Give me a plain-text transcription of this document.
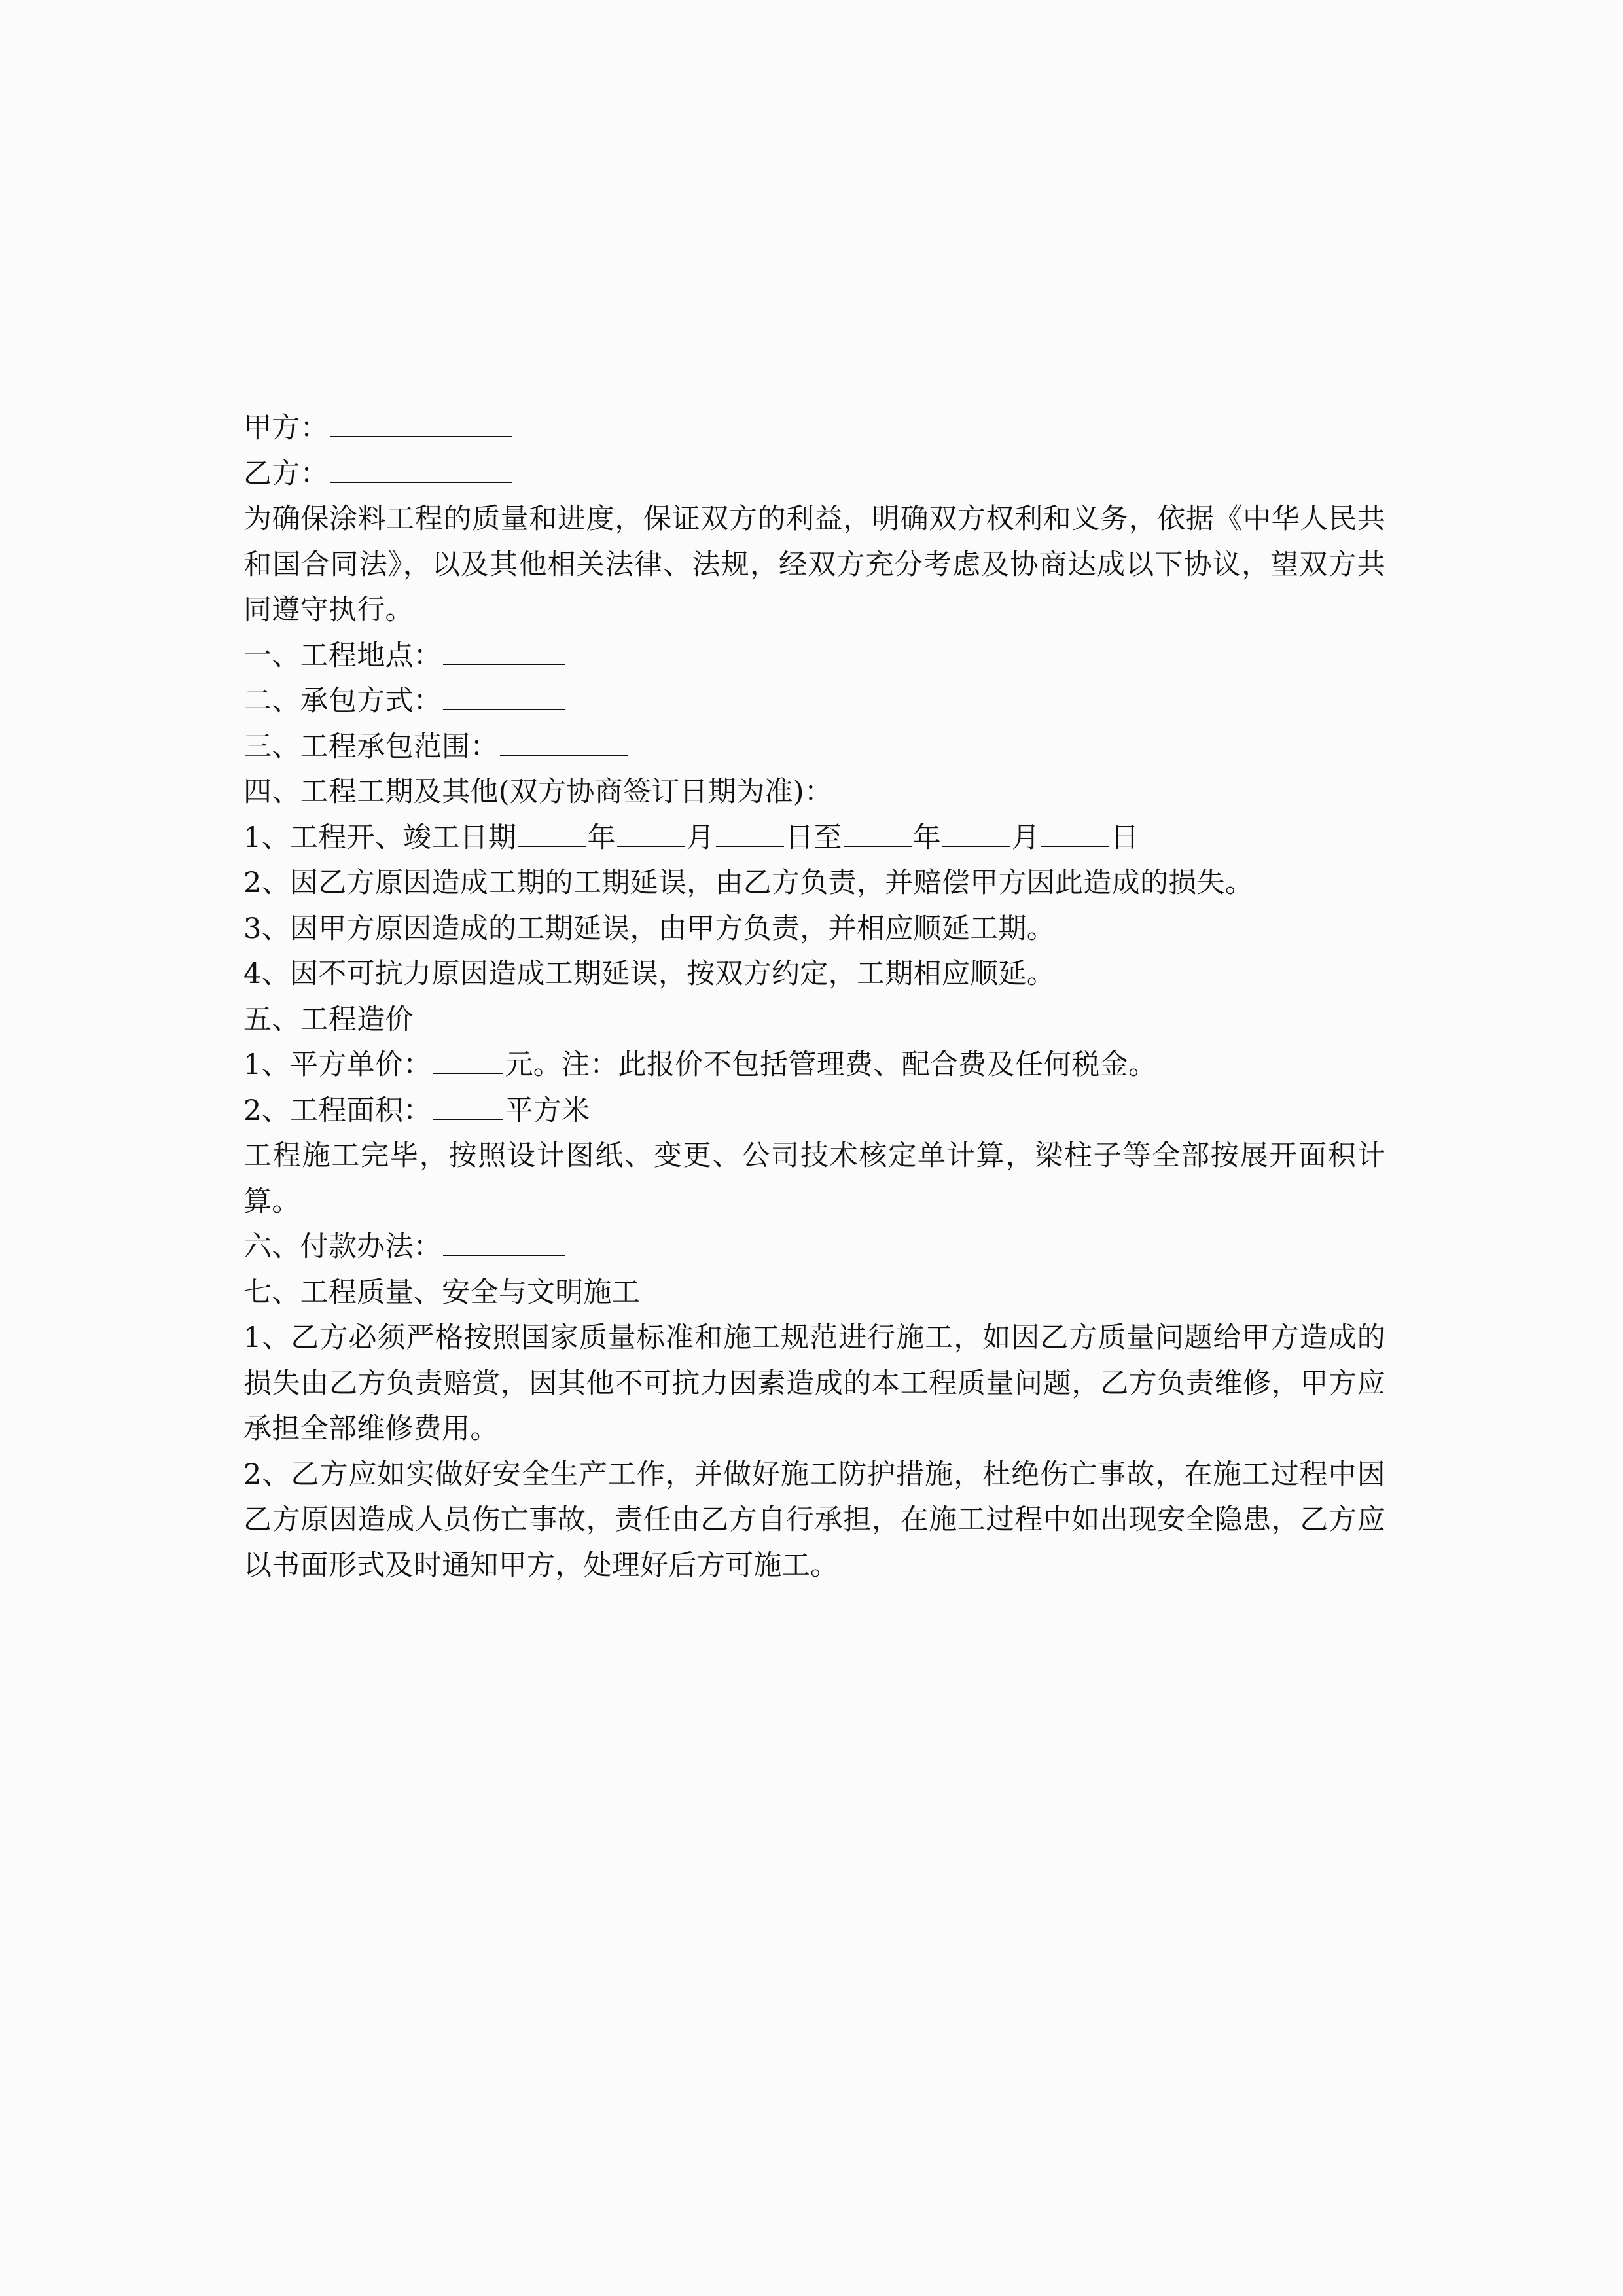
甲方：
乙方：
为确保涂料工程的质量和进度，保证双方的利益，明确双方权利和义务，依据《中华人民共和国合同法》，以及其他相关法律、法规，经双方充分考虑及协商达成以下协议，望双方共同遵守执行。
一、工程地点：
二、承包方式：
三、工程承包范围：
四、工程工期及其他(双方协商签订日期为准)：
1、工程开、竣工日期	年	月	日至	年	月	日
2、因乙方原因造成工期的工期延误，由乙方负责，并赔偿甲方因此造成的损失。
3、因甲方原因造成的工期延误，由甲方负责，并相应顺延工期。
4、因不可抗力原因造成工期延误，按双方约定，工期相应顺延。
五、工程造价
1、平方单价：	元。注：此报价不包括管理费、配合费及任何税金。
2、工程面积：	平方米
工程施工完毕，按照设计图纸、变更、公司技术核定单计算，梁柱子等全部按展开面积计算。
六、付款办法：
七、工程质量、安全与文明施工
1、乙方必须严格按照国家质量标准和施工规范进行施工，如因乙方质量问题给甲方造成的损失由乙方负责赔赏，因其他不可抗力因素造成的本工程质量问题，乙方负责维修，甲方应承担全部维修费用。
2、乙方应如实做好安全生产工作，并做好施工防护措施，杜绝伤亡事故，在施工过程中因乙方原因造成人员伤亡事故，责任由乙方自行承担，在施工过程中如出现安全隐患，乙方应以书面形式及时通知甲方，处理好后方可施工。
